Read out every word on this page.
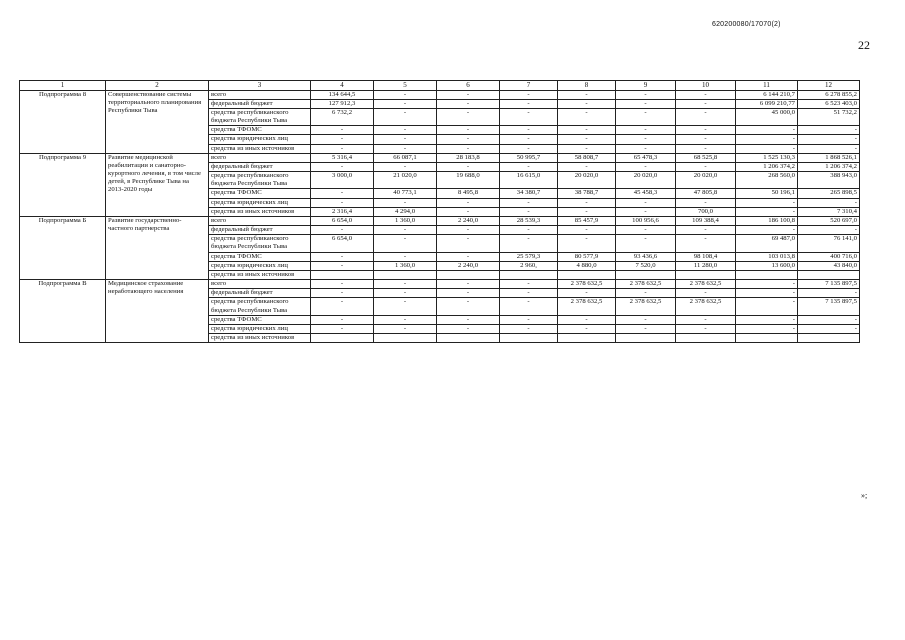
620200080/17070(2)
22
1	2	3	4	5	6	7	8	9	10	11	12
Подпрограмма 8	Совершенствование системы территориального планирования Республики Тыва	всего	134 644,5	-	-	-	-	-	-	6 144 210,7	6 278 855,2
		федеральный бюджет	127 912,3	-	-	-	-	-	-	6 099 210,77	6 523 403,0
		средства республиканского бюджета Республики Тыва	6 732,2	-	-	-	-	-	-	45 000,0	51 732,2
		средства ТФОМС	-	-	-	-	-	-	-	-	-
		средства юридических лиц	-	-	-	-	-	-	-	-	-
		средства из иных источников	-	-	-	-	-	-	-	-	-
Подпрограмма 9	Развитие медицинской реабилитации и санаторно-курортного лечения, в том числе детей, в Республике Тыва на 2013-2020 годы	всего	5 316,4	66 087,1	28 183,8	50 995,7	58 808,7	65 478,3	68 525,8	1 525 130,3	1 868 526,1
		федеральный бюджет	-	-	-	-	-	-	-	1 206 374,2	1 206 374,2
		средства республиканского бюджета Республики Тыва	3 000,0	21 020,0	19 688,0	16 615,0	20 020,0	20 020,0	20 020,0	268 560,0	388 943,0
		средства ТФОМС	-	40 773,1	8 495,8	34 380,7	38 788,7	45 458,3	47 805,8	50 196,1	265 898,5
		средства юридических лиц	-	-	-	-	-	-	-	-	-
		средства из иных источников	2 316,4	4 294,0	-	-	-	-	700,0	-	7 310,4
Подпрограмма Б	Развитие государственно-частного партнерства	всего	6 654,0	1 360,0	2 240,0	28 539,3	85 457,9	100 956,6	109 388,4	186 100,8	520 697,0
		федеральный бюджет	-	-	-	-	-	-	-	-	-
		средства республиканского бюджета Республики Тыва	6 654,0	-	-	-	-	-	-	69 487,0	76 141,0
		средства ТФОМС	-	-	-	25 579,3	80 577,9	93 436,6	98 108,4	103 013,8	400 716,0
		средства юридических лиц	-	1 360,0	2 240,0	2 960,	4 880,0	7 520,0	11 280,0	13 600,0	43 840,0
		средства из иных источников									
Подпрограмма В	Медицинское страхование неработающего населения	всего	-	-	-	-	2 378 632,5	2 378 632,5	2 378 632,5	-	7 135 897,5
		федеральный бюджет	-	-	-	-	-	-	-	-	-
		средства республиканского бюджета Республики Тыва	-	-	-	-	2 378 632,5	2 378 632,5	2 378 632,5	-	7 135 897,5
		средства ТФОМС	-	-	-	-	-	-	-	-	-
		средства юридических лиц	-	-	-	-	-	-	-	-	-
		средства из иных источников									
»;
